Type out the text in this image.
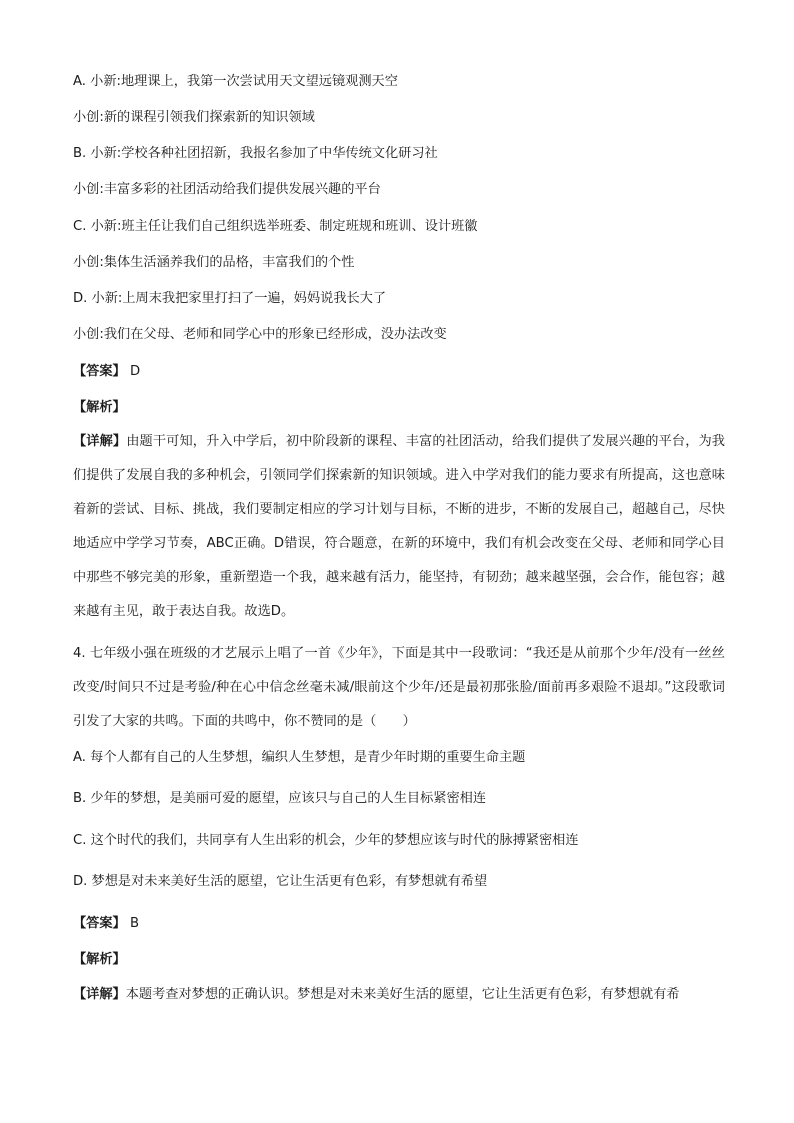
A. 小新:地理课上，我第一次尝试用天文望远镜观测天空

小创:新的课程引领我们探索新的知识领域

B. 小新:学校各种社团招新，我报名参加了中华传统文化研习社

小创:丰富多彩的社团活动给我们提供发展兴趣的平台

C. 小新:班主任让我们自己组织选举班委、制定班规和班训、设计班徽

小创:集体生活涵养我们的品格，丰富我们的个性

D. 小新:上周末我把家里打扫了一遍，妈妈说我长大了

小创:我们在父母、老师和同学心中的形象已经形成，没办法改变

【答案】 D

【解析】

【详解】由题干可知，升入中学后，初中阶段新的课程、丰富的社团活动，给我们提供了发展兴趣的平台，为我们提供了发展自我的多种机会，引领同学们探索新的知识领域。进入中学对我们的能力要求有所提高，这也意味着新的尝试、目标、挑战，我们要制定相应的学习计划与目标，不断的进步，不断的发展自己，超越自己，尽快地适应中学学习节奏，ABC正确。D错误，符合题意，在新的环境中，我们有机会改变在父母、老师和同学心目中那些不够完美的形象，重新塑造一个我，越来越有活力，能坚持，有韧劲；越来越坚强，会合作，能包容；越来越有主见，敢于表达自我。故选D。

4. 七年级小强在班级的才艺展示上唱了一首《少年》，下面是其中一段歌词：“我还是从前那个少年/没有一丝丝改变/时间只不过是考验/种在心中信念丝毫未减/眼前这个少年/还是最初那张脸/面前再多艰险不退却。”这段歌词引发了大家的共鸣。下面的共鸣中，你不赞同的是（　　）

A. 每个人都有自己的人生梦想，编织人生梦想，是青少年时期的重要生命主题

B. 少年的梦想，是美丽可爱的愿望，应该只与自己的人生目标紧密相连

C. 这个时代的我们，共同享有人生出彩的机会，少年的梦想应该与时代的脉搏紧密相连

D. 梦想是对未来美好生活的愿望，它让生活更有色彩，有梦想就有希望

【答案】 B

【解析】

【详解】本题考查对梦想的正确认识。梦想是对未来美好生活的愿望，它让生活更有色彩，有梦想就有希
